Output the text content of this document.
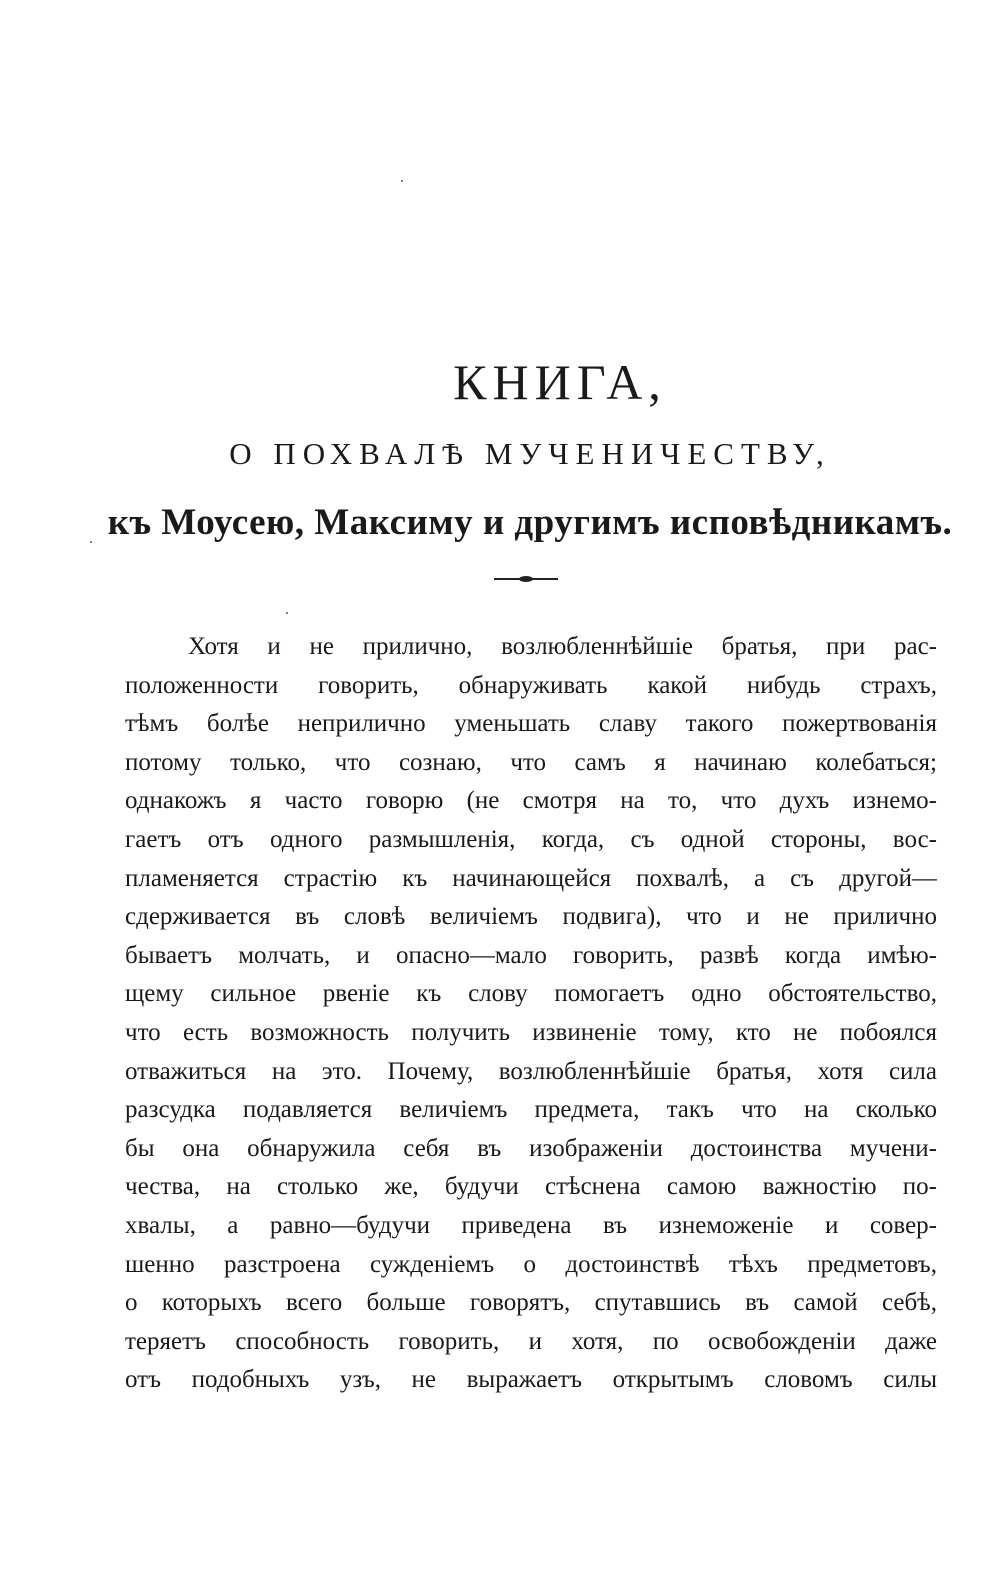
КНИГА,
О ПОХВАЛѢ МУЧЕНИЧЕСТВУ,
къ Моусею, Максиму и другимъ исповѣдникамъ.
Хотя и не прилично, возлюбленнѣйшіе братья, при рас-
положенности говорить, обнаруживать какой нибудь страхъ,
тѣмъ болѣе неприлично уменьшать славу такого пожертвованія
потому только, что сознаю, что самъ я начинаю колебаться;
однакожъ я часто говорю (не смотря на то, что духъ изнемо-
гаетъ отъ одного размышленія, когда, съ одной стороны, вос-
пламеняется страстію къ начинающейся похвалѣ, а съ другой—
сдерживается въ словѣ величіемъ подвига), что и не прилично
бываетъ молчать, и опасно—мало говорить, развѣ когда имѣю-
щему сильное рвеніе къ слову помогаетъ одно обстоятельство,
что есть возможность получить извиненіе тому, кто не побоялся
отважиться на это. Почему, возлюбленнѣйшіе братья, хотя сила
разсудка подавляется величіемъ предмета, такъ что на сколько
бы она обнаружила себя въ изображеніи достоинства мучени-
чества, на столько же, будучи стѣснена самою важностію по-
хвалы, а равно—будучи приведена въ изнеможеніе и совер-
шенно разстроена сужденіемъ о достоинствѣ тѣхъ предметовъ,
о которыхъ всего больше говорятъ, спутавшись въ самой себѣ,
теряетъ способность говорить, и хотя, по освобожденіи даже
отъ подобныхъ узъ, не выражаетъ открытымъ словомъ силы
